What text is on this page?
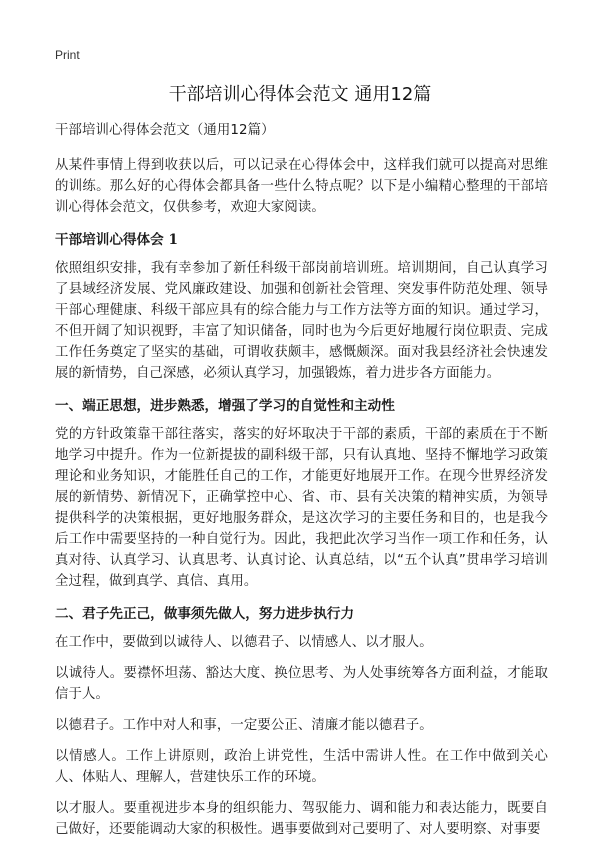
Print
干部培训心得体会范文 通用12篇

干部培训心得体会范文（通用12篇）

从某件事情上得到收获以后，可以记录在心得体会中，这样我们就可以提高对思维的训练。那么好的心得体会都具备一些什么特点呢？以下是小编精心整理的干部培训心得体会范文，仅供参考，欢迎大家阅读。

干部培训心得体会 1

依照组织安排，我有幸参加了新任科级干部岗前培训班。培训期间，自己认真学习了县域经济发展、党风廉政建设、加强和创新社会管理、突发事件防范处理、领导干部心理健康、科级干部应具有的综合能力与工作方法等方面的知识。通过学习，不但开阔了知识视野，丰富了知识储备，同时也为今后更好地履行岗位职责、完成工作任务奠定了坚实的基础，可谓收获颇丰，感慨颇深。面对我县经济社会快速发展的新情势，自己深感，必须认真学习，加强锻炼，着力进步各方面能力。

一、端正思想，进步熟悉，增强了学习的自觉性和主动性

党的方针政策靠干部往落实，落实的好坏取决于干部的素质，干部的素质在于不断地学习中提升。作为一位新提拔的副科级干部，只有认真地、坚持不懈地学习政策理论和业务知识，才能胜任自己的工作，才能更好地展开工作。在现今世界经济发展的新情势、新情况下，正确掌控中心、省、市、县有关决策的精神实质，为领导提供科学的决策根据，更好地服务群众，是这次学习的主要任务和目的，也是我今后工作中需要坚持的一种自觉行为。因此，我把此次学习当作一项工作和任务，认真对待、认真学习、认真思考、认真讨论、认真总结，以“五个认真”贯串学习培训全过程，做到真学、真信、真用。

二、君子先正己，做事须先做人，努力进步执行力

在工作中，要做到以诚待人、以德君子、以情感人、以才服人。

以诚待人。要襟怀坦荡、豁达大度、换位思考、为人处事统筹各方面利益，才能取信于人。

以德君子。工作中对人和事，一定要公正、清廉才能以德君子。

以情感人。工作上讲原则，政治上讲党性，生活中需讲人性。在工作中做到关心人、体贴人、理解人，营建快乐工作的环境。

以才服人。要重视进步本身的组织能力、驾驭能力、调和能力和表达能力，既要自己做好，还要能调动大家的积极性。遇事要做到对己要明了、对人要明察、对事要
